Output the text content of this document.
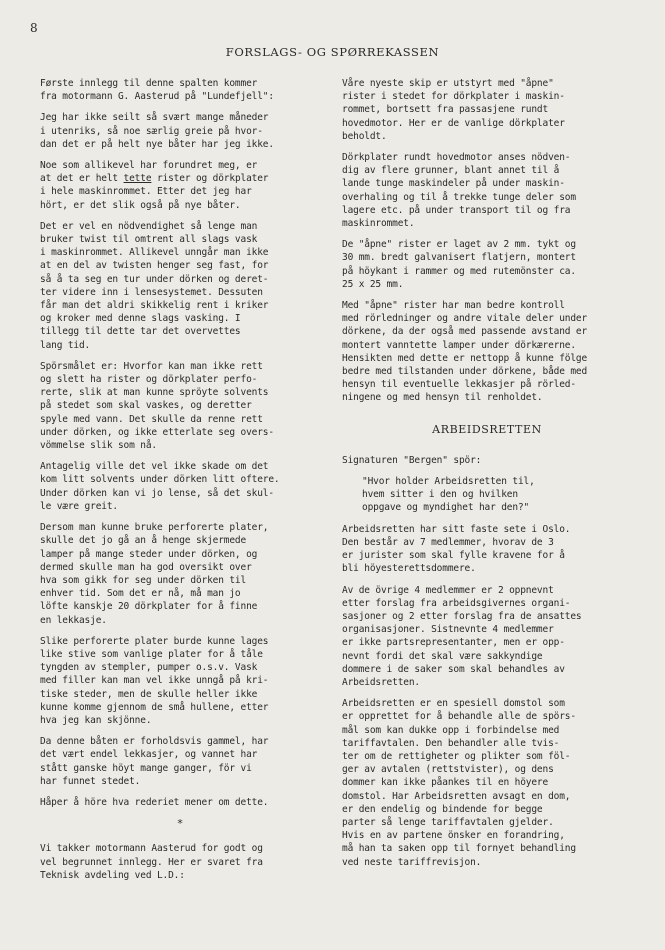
8
FORSLAGS- OG SPØRREKASSEN

Første innlegg til denne spalten kommer
fra motormann G. Aasterud på "Lundefjell":

Jeg har ikke seilt så svært mange måneder
i utenriks, så noe særlig greie på hvor-
dan det er på helt nye båter har jeg ikke.

Noe som allikevel har forundret meg, er
at det er helt tette rister og dörkplater
i hele maskinrommet. Etter det jeg har
hört, er det slik også på nye båter.

Det er vel en nödvendighet så lenge man
bruker twist til omtrent all slags vask
i maskinrommet. Allikevel unngår man ikke
at en del av twisten henger seg fast, for
så å ta seg en tur under dörken og deret-
ter videre inn i lensesystemet. Dessuten
får man det aldri skikkelig rent i kriker
og kroker med denne slags vasking. I
tillegg til dette tar det overvettes
lang tid.

Spörsmålet er: Hvorfor kan man ikke rett
og slett ha rister og dörkplater perfo-
rerte, slik at man kunne spröyte solvents
på stedet som skal vaskes, og deretter
spyle med vann. Det skulle da renne rett
under dörken, og ikke etterlate seg overs-
vömmelse slik som nå.

Antagelig ville det vel ikke skade om det
kom litt solvents under dörken litt oftere.
Under dörken kan vi jo lense, så det skul-
le være greit.

Dersom man kunne bruke perforerte plater,
skulle det jo gå an å henge skjermede
lamper på mange steder under dörken, og
dermed skulle man ha god oversikt over
hva som gikk for seg under dörken til
enhver tid. Som det er nå, må man jo
löfte kanskje 20 dörkplater for å finne
en lekkasje.

Slike perforerte plater burde kunne lages
like stive som vanlige plater for å tåle
tyngden av stempler, pumper o.s.v. Vask
med filler kan man vel ikke unngå på kri-
tiske steder, men de skulle heller ikke
kunne komme gjennom de små hullene, etter
hva jeg kan skjönne.

Da denne båten er forholdsvis gammel, har
det vært endel lekkasjer, og vannet har
stått ganske höyt mange ganger, för vi
har funnet stedet.

Håper å höre hva rederiet mener om dette.

*

Vi takker motormann Aasterud for godt og
vel begrunnet innlegg. Her er svaret fra
Teknisk avdeling ved L.D.:

Våre nyeste skip er utstyrt med "åpne"
rister i stedet for dörkplater i maskin-
rommet, bortsett fra passasjene rundt
hovedmotor. Her er de vanlige dörkplater
beholdt.

Dörkplater rundt hovedmotor anses nödven-
dig av flere grunner, blant annet til å
lande tunge maskindeler på under maskin-
overhaling og til å trekke tunge deler som
lagere etc. på under transport til og fra
maskinrommet.

De "åpne" rister er laget av 2 mm. tykt og
30 mm. bredt galvanisert flatjern, montert
på höykant i rammer og med rutemönster ca.
25 x 25 mm.

Med "åpne" rister har man bedre kontroll
med rörledninger og andre vitale deler under
dörkene, da der også med passende avstand er
montert vanntette lamper under dörkærerne.
Hensikten med dette er nettopp å kunne fölge
bedre med tilstanden under dörkene, både med
hensyn til eventuelle lekkasjer på rörled-
ningene og med hensyn til renholdet.

ARBEIDSRETTEN

Signaturen "Bergen" spör:

"Hvor holder Arbeidsretten til,
hvem sitter i den og hvilken
oppgave og myndighet har den?"

Arbeidsretten har sitt faste sete i Oslo.
Den består av 7 medlemmer, hvorav de 3
er jurister som skal fylle kravene for å
bli höyesterettsdommere.

Av de övrige 4 medlemmer er 2 oppnevnt
etter forslag fra arbeidsgivernes organi-
sasjoner og 2 etter forslag fra de ansattes
organisasjoner. Sistnevnte 4 medlemmer
er ikke partsrepresentanter, men er opp-
nevnt fordi det skal være sakkyndige
dommere i de saker som skal behandles av
Arbeidsretten.

Arbeidsretten er en spesiell domstol som
er opprettet for å behandle alle de spörs-
mål som kan dukke opp i forbindelse med
tariffavtalen. Den behandler alle tvis-
ter om de rettigheter og plikter som föl-
ger av avtalen (rettstvister), og dens
dommer kan ikke påankes til en höyere
domstol. Har Arbeidsretten avsagt en dom,
er den endelig og bindende for begge
parter så lenge tariffavtalen gjelder.
Hvis en av partene önsker en forandring,
må han ta saken opp til fornyet behandling
ved neste tariffrevisjon.
